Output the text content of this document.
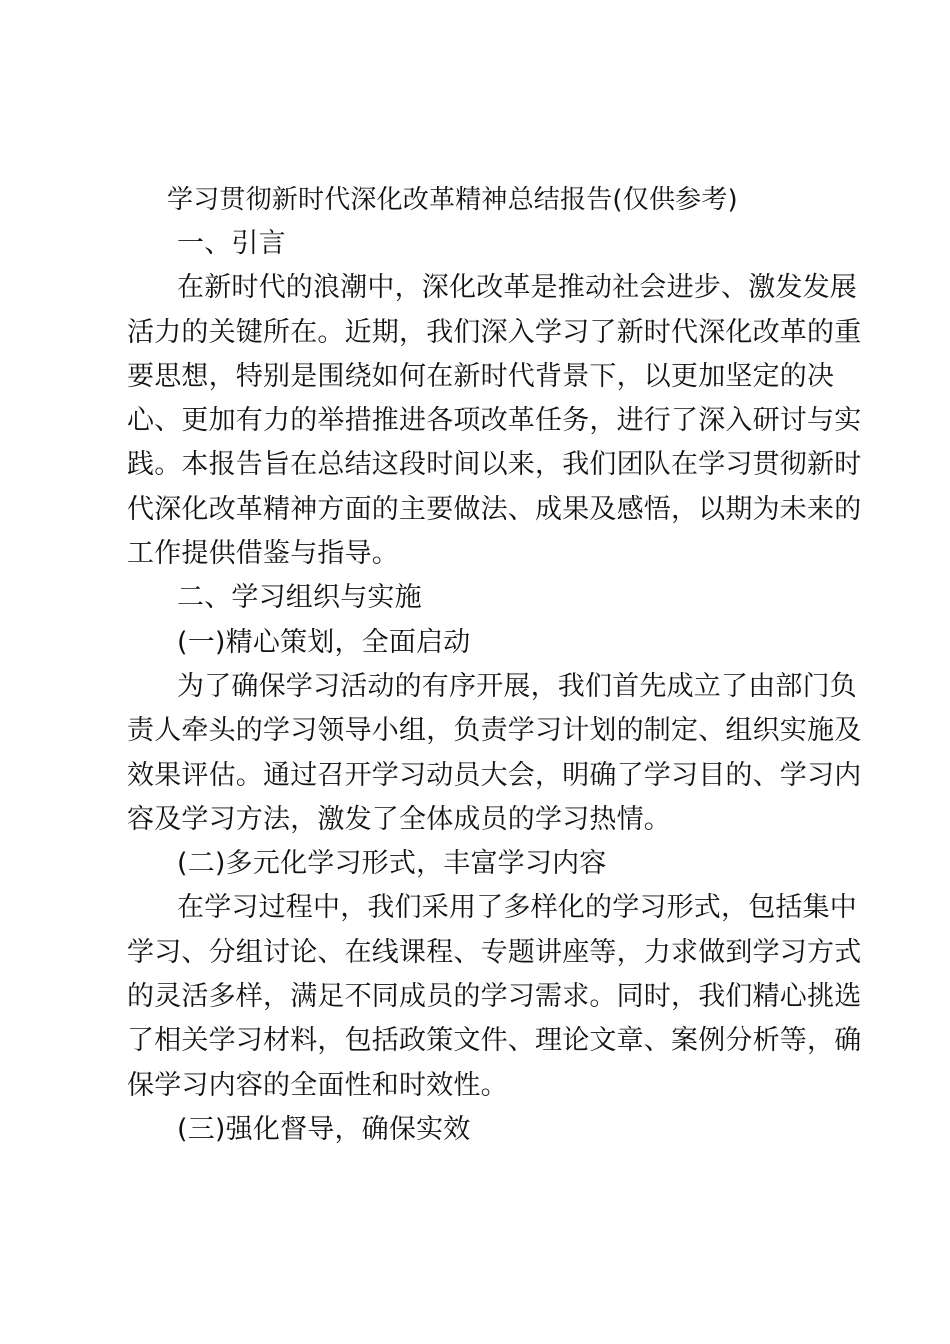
学习贯彻新时代深化改革精神总结报告(仅供参考)

一、引言

在新时代的浪潮中，深化改革是推动社会进步、激发发展
活力的关键所在。近期，我们深入学习了新时代深化改革的重
要思想，特别是围绕如何在新时代背景下，以更加坚定的决
心、更加有力的举措推进各项改革任务，进行了深入研讨与实
践。本报告旨在总结这段时间以来，我们团队在学习贯彻新时
代深化改革精神方面的主要做法、成果及感悟，以期为未来的
工作提供借鉴与指导。

二、学习组织与实施

(一)精心策划，全面启动

为了确保学习活动的有序开展，我们首先成立了由部门负
责人牵头的学习领导小组，负责学习计划的制定、组织实施及
效果评估。通过召开学习动员大会，明确了学习目的、学习内
容及学习方法，激发了全体成员的学习热情。

(二)多元化学习形式，丰富学习内容

在学习过程中，我们采用了多样化的学习形式，包括集中
学习、分组讨论、在线课程、专题讲座等，力求做到学习方式
的灵活多样，满足不同成员的学习需求。同时，我们精心挑选
了相关学习材料，包括政策文件、理论文章、案例分析等，确
保学习内容的全面性和时效性。

(三)强化督导，确保实效
